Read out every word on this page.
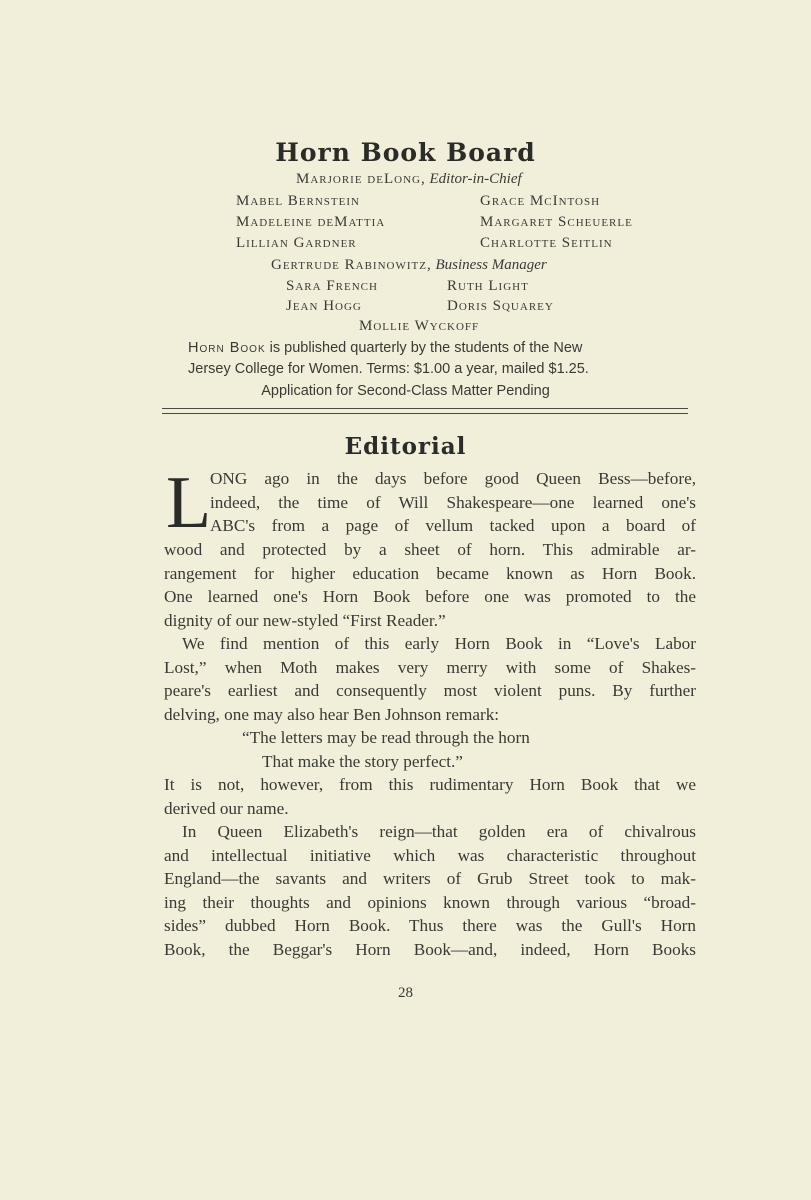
Horn Book Board
Marjorie deLong, Editor-in-Chief
Mabel Bernstein
Madeleine deMattia
Lillian Gardner
Grace McIntosh
Margaret Scheuerle
Charlotte Seitlin
Gertrude Rabinowitz, Business Manager
Sara French
Jean Hogg
Ruth Light
Doris Squarey
Mollie Wyckoff
Horn Book is published quarterly by the students of the New
Jersey College for Women. Terms: $1.00 a year, mailed $1.25.
Application for Second-Class Matter Pending
Editorial
L
ONG ago in the days before good Queen Bess—before,
indeed, the time of Will Shakespeare—one learned one's
ABC's from a page of vellum tacked upon a board of
wood and protected by a sheet of horn. This admirable ar-
rangement for higher education became known as Horn Book.
One learned one's Horn Book before one was promoted to the
dignity of our new-styled “First Reader.”
We find mention of this early Horn Book in “Love's Labor
Lost,” when Moth makes very merry with some of Shakes-
peare's earliest and consequently most violent puns. By further
delving, one may also hear Ben Johnson remark:
“The letters may be read through the horn
That make the story perfect.”
It is not, however, from this rudimentary Horn Book that we
derived our name.
In Queen Elizabeth's reign—that golden era of chivalrous
and intellectual initiative which was characteristic throughout
England—the savants and writers of Grub Street took to mak-
ing their thoughts and opinions known through various “broad-
sides” dubbed Horn Book. Thus there was the Gull's Horn
Book, the Beggar's Horn Book—and, indeed, Horn Books
28
